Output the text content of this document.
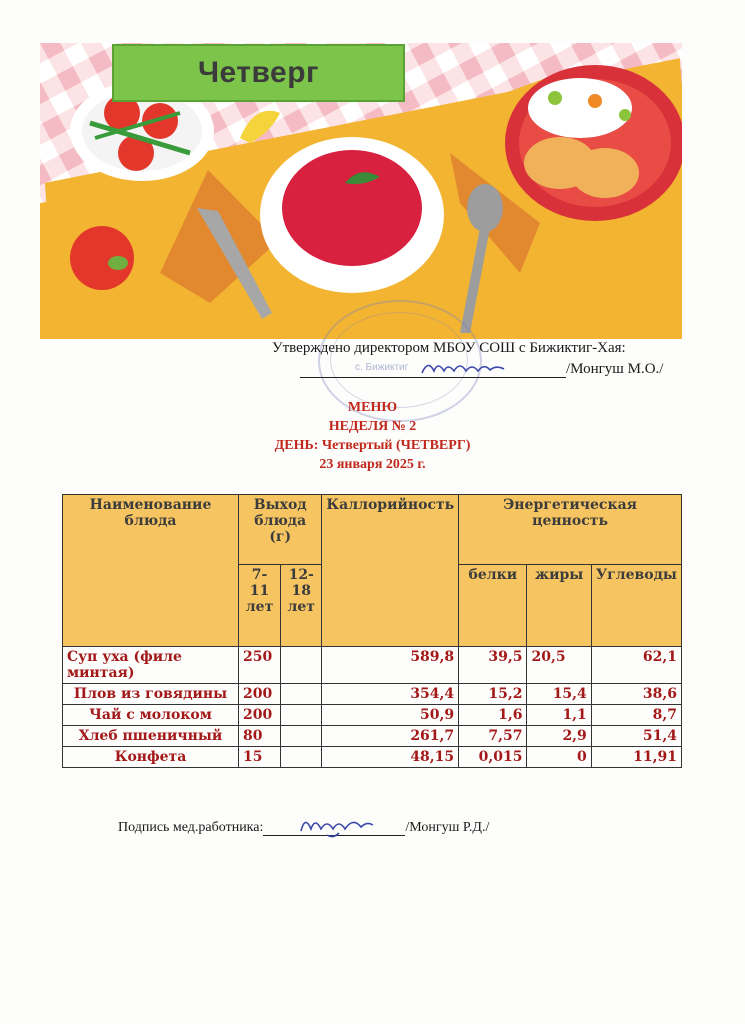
Четверг
с. Бижиктиг
Утверждено директором МБОУ СОШ с Бижиктиг-Хая:
/Монгуш М.О./
МЕНЮ
НЕДЕЛЯ № 2
ДЕНЬ: Четвертый (ЧЕТВЕРГ)
23 января 2025 г.
Наименование блюда	Выход блюда (г)		Каллорийность	Энергетическая ценность		
	7-11 лет	12-18 лет		белки	жиры	Углеводы
Суп уха (филе минтая)	250		589,8	39,5	20,5	62,1
Плов из говядины	200		354,4	15,2	15,4	38,6
Чай с молоком	200		50,9	1,6	1,1	8,7
Хлеб пшеничный	80		261,7	7,57	2,9	51,4
Конфета	15		48,15	0,015	0	11,91
Подпись мед.работника:	/Монгуш Р.Д./
